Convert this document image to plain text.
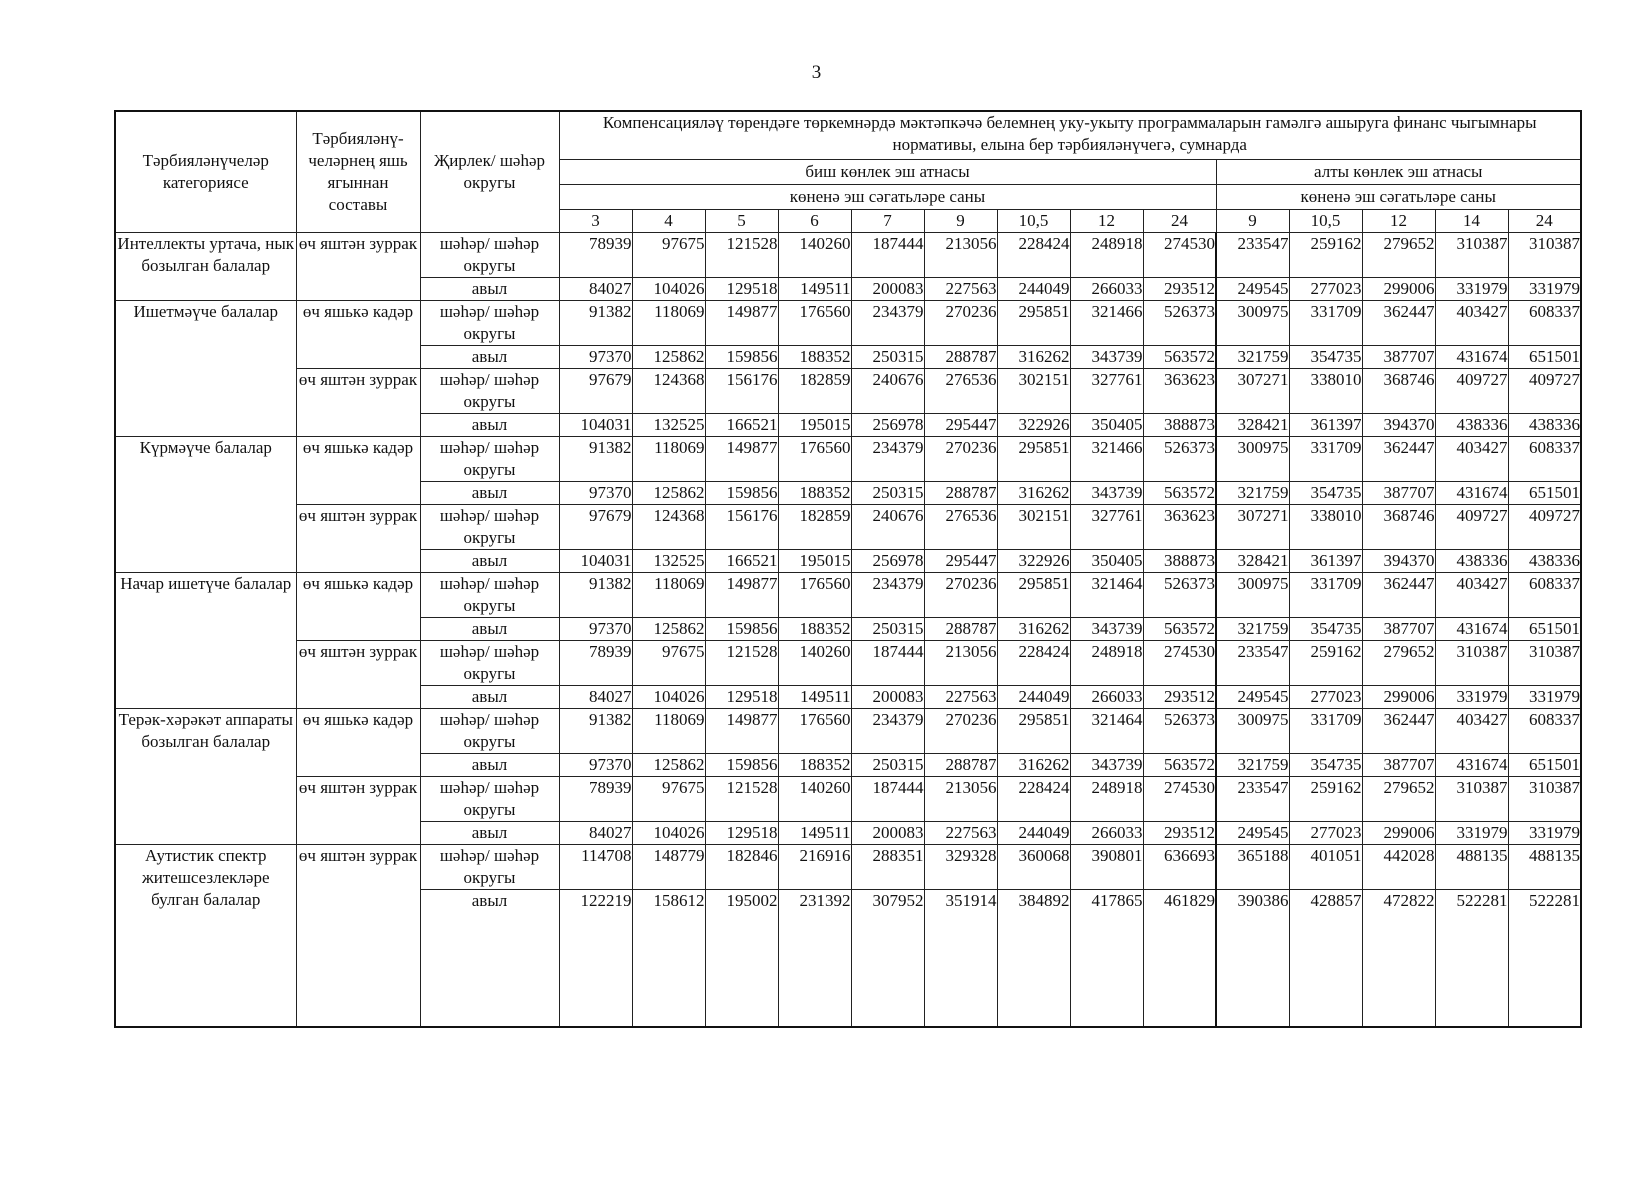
3
Тәрбияләнүчеләр категориясе	Тәрбияләнү-челәрнең яшь ягыннан составы	Җирлек/ шәһәр округы	Компенсацияләү төрендәге төркемнәрдә мәктәпкәчә белемнең уку-укыту программаларын гамәлгә ашыруга финанс чыгымнары нормативы, елына бер тәрбияләнүчегә, сумнарда													
			биш көнлек эш атнасы									алты көнлек эш атнасы				
			көненә эш сәгатьләре саны									көненә эш сәгатьләре саны				
			3	4	5	6	7	9	10,5	12	24	9	10,5	12	14	24
Интеллекты уртача, нык бозылган балалар	өч яштән зуррак	шәһәр/ шәһәр округы	78939	97675	121528	140260	187444	213056	228424	248918	274530	233547	259162	279652	310387	310387
		авыл	84027	104026	129518	149511	200083	227563	244049	266033	293512	249545	277023	299006	331979	331979
Ишетмәүче балалар	өч яшькә кадәр	шәһәр/ шәһәр округы	91382	118069	149877	176560	234379	270236	295851	321466	526373	300975	331709	362447	403427	608337
		авыл	97370	125862	159856	188352	250315	288787	316262	343739	563572	321759	354735	387707	431674	651501
	өч яштән зуррак	шәһәр/ шәһәр округы	97679	124368	156176	182859	240676	276536	302151	327761	363623	307271	338010	368746	409727	409727
		авыл	104031	132525	166521	195015	256978	295447	322926	350405	388873	328421	361397	394370	438336	438336
Күрмәүче балалар	өч яшькә кадәр	шәһәр/ шәһәр округы	91382	118069	149877	176560	234379	270236	295851	321466	526373	300975	331709	362447	403427	608337
		авыл	97370	125862	159856	188352	250315	288787	316262	343739	563572	321759	354735	387707	431674	651501
	өч яштән зуррак	шәһәр/ шәһәр округы	97679	124368	156176	182859	240676	276536	302151	327761	363623	307271	338010	368746	409727	409727
		авыл	104031	132525	166521	195015	256978	295447	322926	350405	388873	328421	361397	394370	438336	438336
Начар ишетүче балалар	өч яшькә кадәр	шәһәр/ шәһәр округы	91382	118069	149877	176560	234379	270236	295851	321464	526373	300975	331709	362447	403427	608337
		авыл	97370	125862	159856	188352	250315	288787	316262	343739	563572	321759	354735	387707	431674	651501
	өч яштән зуррак	шәһәр/ шәһәр округы	78939	97675	121528	140260	187444	213056	228424	248918	274530	233547	259162	279652	310387	310387
		авыл	84027	104026	129518	149511	200083	227563	244049	266033	293512	249545	277023	299006	331979	331979
Терәк-хәрәкәт аппараты бозылган балалар	өч яшькә кадәр	шәһәр/ шәһәр округы	91382	118069	149877	176560	234379	270236	295851	321464	526373	300975	331709	362447	403427	608337
		авыл	97370	125862	159856	188352	250315	288787	316262	343739	563572	321759	354735	387707	431674	651501
	өч яштән зуррак	шәһәр/ шәһәр округы	78939	97675	121528	140260	187444	213056	228424	248918	274530	233547	259162	279652	310387	310387
		авыл	84027	104026	129518	149511	200083	227563	244049	266033	293512	249545	277023	299006	331979	331979
Аутистик спектр житешсезлекләре булган балалар	өч яштән зуррак	шәһәр/ шәһәр округы	114708	148779	182846	216916	288351	329328	360068	390801	636693	365188	401051	442028	488135	488135
		авыл	122219	158612	195002	231392	307952	351914	384892	417865	461829	390386	428857	472822	522281	522281
